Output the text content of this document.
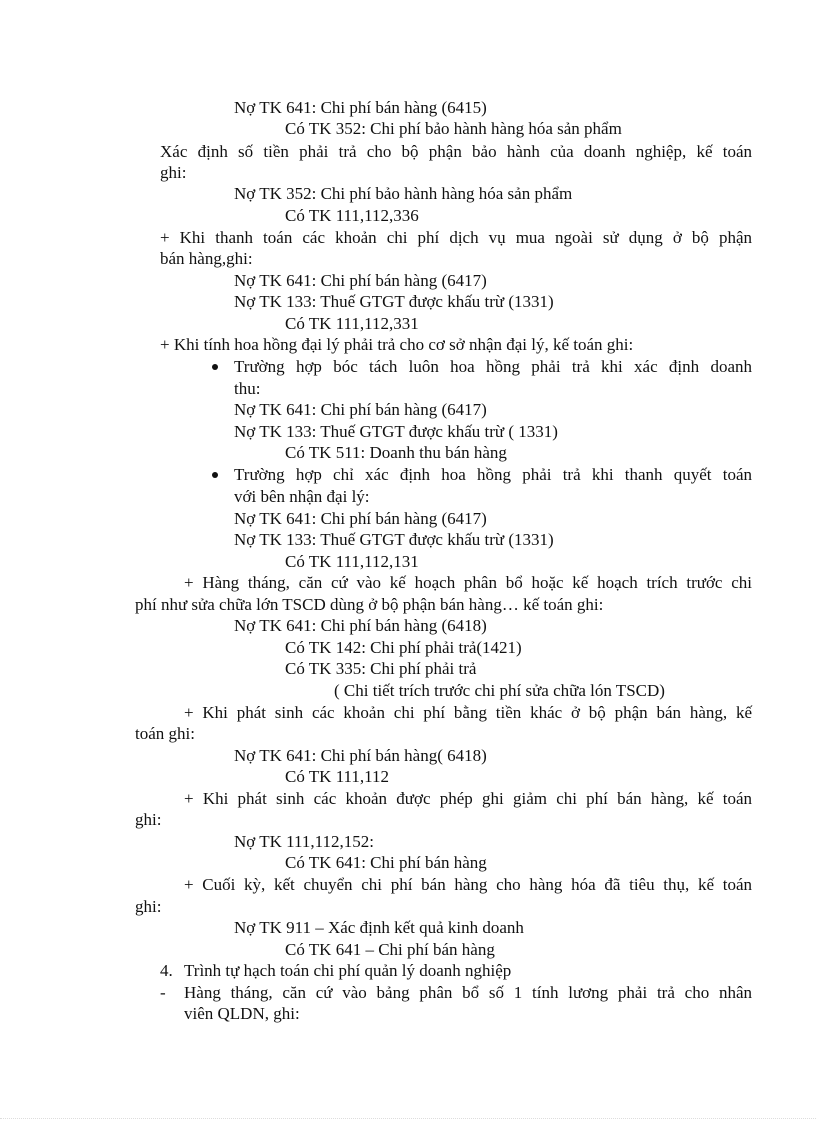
Nợ TK 641: Chi phí bán hàng (6415)
Có TK 352: Chi phí bảo hành hàng hóa sản phẩm
Xác định số tiền phải trả cho bộ phận bảo hành của doanh nghiệp, kế toán
ghi:
Nợ TK 352: Chi phí bảo hành hàng hóa sản phẩm
Có TK 111,112,336
+ Khi thanh toán các khoản chi phí dịch vụ mua ngoài sử dụng ở bộ phận
bán hàng,ghi:
Nợ TK 641: Chi phí bán hàng (6417)
Nợ TK 133: Thuế GTGT được khấu trừ (1331)
Có TK 111,112,331
+ Khi tính hoa hồng đại lý phải trả cho cơ sở nhận đại lý, kế toán ghi:
Trường hợp bóc tách luôn hoa hồng phải trả khi xác định doanh
thu:
Nợ TK 641: Chi phí bán hàng (6417)
Nợ TK 133: Thuế GTGT được khấu trừ ( 1331)
Có TK 511: Doanh thu bán hàng
Trường hợp chỉ xác định hoa hồng phải trả khi thanh quyết toán
với bên nhận đại lý:
Nợ TK 641: Chi phí bán hàng (6417)
Nợ TK 133: Thuế GTGT được khấu trừ (1331)
Có TK 111,112,131
+ Hàng tháng, căn cứ vào kế hoạch phân bổ hoặc kế hoạch trích trước chi
phí như sửa chữa lớn TSCD dùng ở bộ phận bán hàng… kế toán ghi:
Nợ TK 641: Chi phí bán hàng (6418)
Có TK 142: Chi phí phải trả(1421)
Có TK 335: Chi phí phải trả
( Chi tiết trích trước chi phí sửa chữa lón TSCD)
+ Khi phát sinh các khoản chi phí bằng tiền khác ở bộ phận bán hàng, kế
toán ghi:
Nợ TK 641: Chi phí bán hàng( 6418)
Có TK 111,112
+ Khi phát sinh các khoản được phép ghi giảm chi phí bán hàng, kế toán
ghi:
Nợ TK 111,112,152:
Có TK 641: Chi phí bán hàng
+ Cuối kỳ, kết chuyển chi phí bán hàng cho hàng hóa đã tiêu thụ, kế toán
ghi:
Nợ TK 911 – Xác định kết quả kinh doanh
Có TK 641 – Chi phí bán hàng
4. Trình tự hạch toán chi phí quản lý doanh nghiệp
- Hàng tháng, căn cứ vào bảng phân bổ số 1 tính lương phải trả cho nhân
viên QLDN, ghi:
